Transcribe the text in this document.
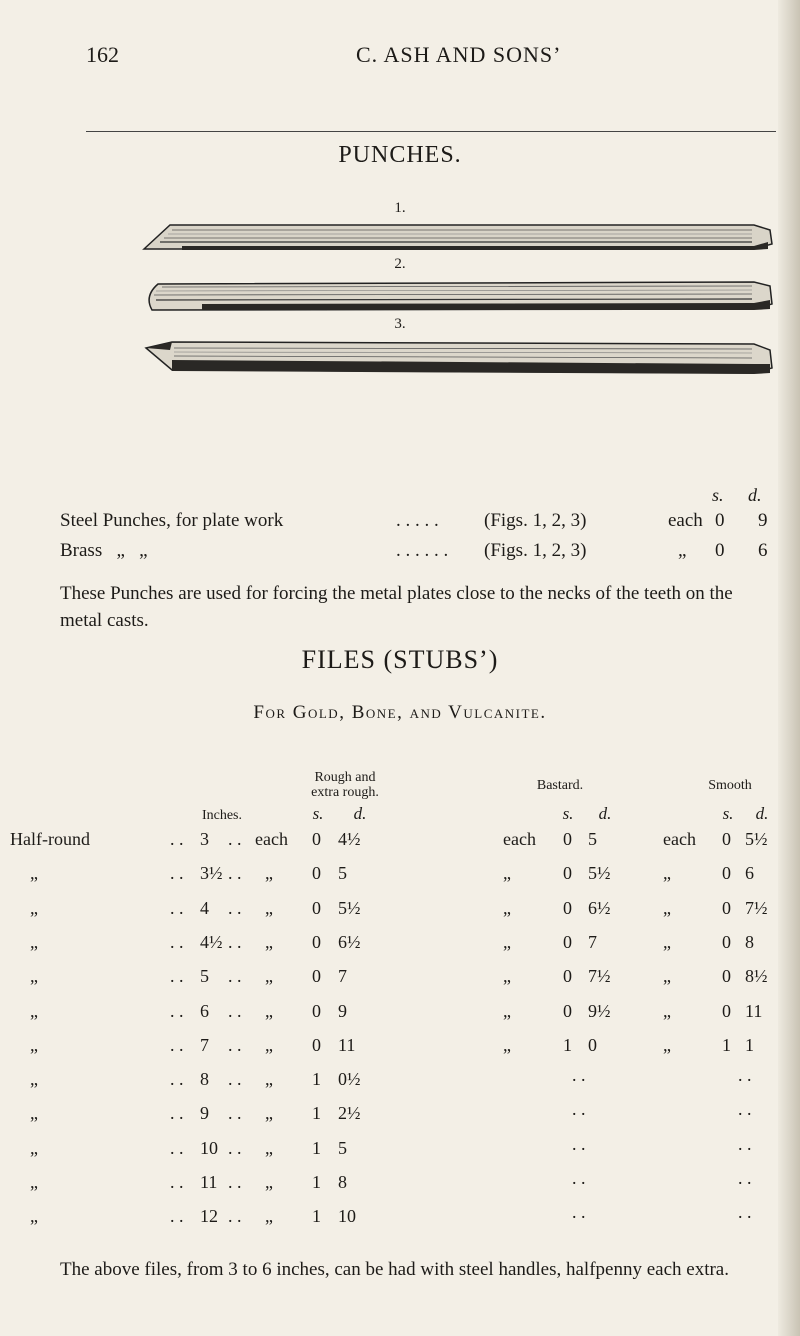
162	C. ASH AND SONS’
PUNCHES.
1.
2.
3.
s. d.
Steel Punches, for plate work	. . . . . (Figs. 1, 2, 3)	each 0 9
Brass   „   „	. . . . . . (Figs. 1, 2, 3)	„ 0 6
These Punches are used for forcing the metal plates close to the necks of the teeth on the metal casts.
FILES (STUBS’)
For Gold, Bone, and Vulcanite.
Rough and
extra rough.	Bastard.	Smooth
Inches.	s. d.	s. d.	s. d.
. . . .
Half-round	3	each 0 4½	each 0 5	each 0 5½
. . . .
„	3½ „ 0 5	„	0 5½	„	0 6
. . . .
„	4	„ 0 5½	„	0 6½	„	0 7½
. . . .
„	4½ „ 0 6½	„	0 7	„	0 8
. . . .
„	5	„ 0 7	„	0 7½	„	0 8½
. . . .
„	6	„ 0 9	„	0 9½	„	0 11
. . . .
„	7	„ 0 11	„	1 0	„	1 1
. . . .
„	8	„ 1 0½	. .	. .
. . . .
„	9	„ 1 2½	. .	. .
. . . .
„	10	„ 1 5	. .	. .
. . . .
„	11	„ 1 8	. .	. .
. . . .
„	12	„ 1 10	. .	. .
The above files, from 3 to 6 inches, can be had with steel handles, halfpenny each extra.
